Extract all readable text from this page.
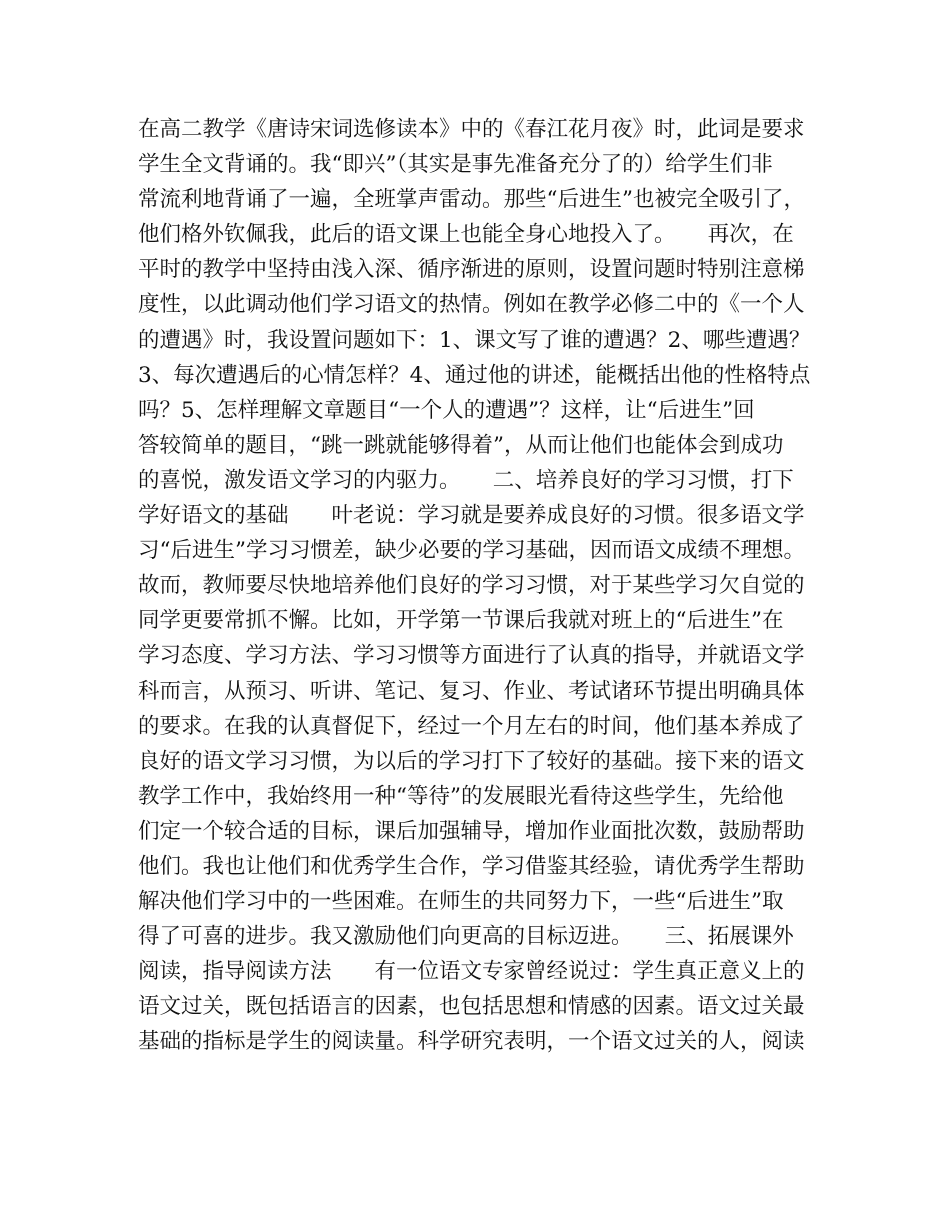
在高二教学《唐诗宋词选修读本》中的《春江花月夜》时，此词是要求
学生全文背诵的。我“即兴”（其实是事先准备充分了的）给学生们非
常流利地背诵了一遍，全班掌声雷动。那些“后进生”也被完全吸引了，
他们格外钦佩我，此后的语文课上也能全身心地投入了。　　再次，在
平时的教学中坚持由浅入深、循序渐进的原则，设置问题时特别注意梯
度性，以此调动他们学习语文的热情。例如在教学必修二中的《一个人
的遭遇》时，我设置问题如下：1、课文写了谁的遭遇？2、哪些遭遇？
3、每次遭遇后的心情怎样？4、通过他的讲述，能概括出他的性格特点
吗？5、怎样理解文章题目“一个人的遭遇”？这样，让“后进生”回
答较简单的题目，“跳一跳就能够得着”，从而让他们也能体会到成功
的喜悦，激发语文学习的内驱力。　　二、培养良好的学习习惯，打下
学好语文的基础　　叶老说：学习就是要养成良好的习惯。很多语文学
习“后进生”学习习惯差，缺少必要的学习基础，因而语文成绩不理想。
故而，教师要尽快地培养他们良好的学习习惯，对于某些学习欠自觉的
同学更要常抓不懈。比如，开学第一节课后我就对班上的“后进生”在
学习态度、学习方法、学习习惯等方面进行了认真的指导，并就语文学
科而言，从预习、听讲、笔记、复习、作业、考试诸环节提出明确具体
的要求。在我的认真督促下，经过一个月左右的时间，他们基本养成了
良好的语文学习习惯，为以后的学习打下了较好的基础。接下来的语文
教学工作中，我始终用一种“等待”的发展眼光看待这些学生，先给他
们定一个较合适的目标，课后加强辅导，增加作业面批次数，鼓励帮助
他们。我也让他们和优秀学生合作，学习借鉴其经验，请优秀学生帮助
解决他们学习中的一些困难。在师生的共同努力下，一些“后进生”取
得了可喜的进步。我又激励他们向更高的目标迈进。　　三、拓展课外
阅读，指导阅读方法　　有一位语文专家曾经说过：学生真正意义上的
语文过关，既包括语言的因素，也包括思想和情感的因素。语文过关最
基础的指标是学生的阅读量。科学研究表明，一个语文过关的人，阅读
